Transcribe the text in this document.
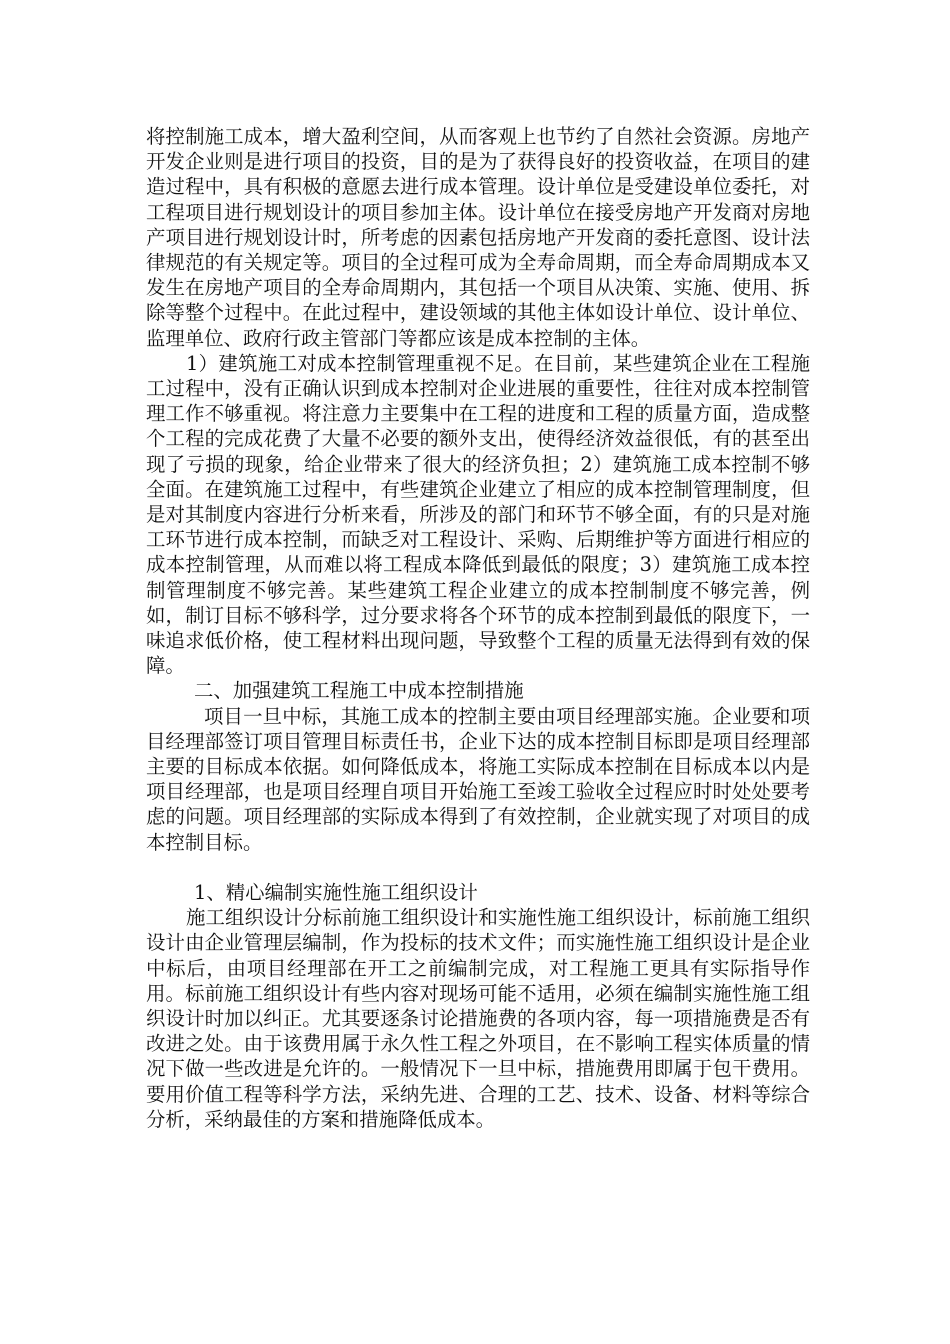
将控制施工成本，增大盈利空间，从而客观上也节约了自然社会资源。房地产开发企业则是进行项目的投资，目的是为了获得良好的投资收益，在项目的建造过程中，具有积极的意愿去进行成本管理。设计单位是受建设单位委托，对工程项目进行规划设计的项目参加主体。设计单位在接受房地产开发商对房地产项目进行规划设计时，所考虑的因素包括房地产开发商的委托意图、设计法律规范的有关规定等。项目的全过程可成为全寿命周期，而全寿命周期成本又发生在房地产项目的全寿命周期内，其包括一个项目从决策、实施、使用、拆除等整个过程中。在此过程中，建设领域的其他主体如设计单位、设计单位、监理单位、政府行政主管部门等都应该是成本控制的主体。

1）建筑施工对成本控制管理重视不足。在目前，某些建筑企业在工程施工过程中，没有正确认识到成本控制对企业进展的重要性，往往对成本控制管理工作不够重视。将注意力主要集中在工程的进度和工程的质量方面，造成整个工程的完成花费了大量不必要的额外支出，使得经济效益很低，有的甚至出现了亏损的现象，给企业带来了很大的经济负担；2）建筑施工成本控制不够全面。在建筑施工过程中，有些建筑企业建立了相应的成本控制管理制度，但是对其制度内容进行分析来看，所涉及的部门和环节不够全面，有的只是对施工环节进行成本控制，而缺乏对工程设计、采购、后期维护等方面进行相应的成本控制管理，从而难以将工程成本降低到最低的限度；3）建筑施工成本控制管理制度不够完善。某些建筑工程企业建立的成本控制制度不够完善，例如，制订目标不够科学，过分要求将各个环节的成本控制到最低的限度下，一味追求低价格，使工程材料出现问题，导致整个工程的质量无法得到有效的保障。

二、加强建筑工程施工中成本控制措施

项目一旦中标，其施工成本的控制主要由项目经理部实施。企业要和项目经理部签订项目管理目标责任书，企业下达的成本控制目标即是项目经理部主要的目标成本依据。如何降低成本，将施工实际成本控制在目标成本以内是项目经理部，也是项目经理自项目开始施工至竣工验收全过程应时时处处要考虑的问题。项目经理部的实际成本得到了有效控制，企业就实现了对项目的成本控制目标。

1、精心编制实施性施工组织设计

施工组织设计分标前施工组织设计和实施性施工组织设计，标前施工组织设计由企业管理层编制，作为投标的技术文件；而实施性施工组织设计是企业中标后，由项目经理部在开工之前编制完成，对工程施工更具有实际指导作用。标前施工组织设计有些内容对现场可能不适用，必须在编制实施性施工组织设计时加以纠正。尤其要逐条讨论措施费的各项内容，每一项措施费是否有改进之处。由于该费用属于永久性工程之外项目，在不影响工程实体质量的情况下做一些改进是允许的。一般情况下一旦中标，措施费用即属于包干费用。要用价值工程等科学方法，采纳先进、合理的工艺、技术、设备、材料等综合分析，采纳最佳的方案和措施降低成本。
